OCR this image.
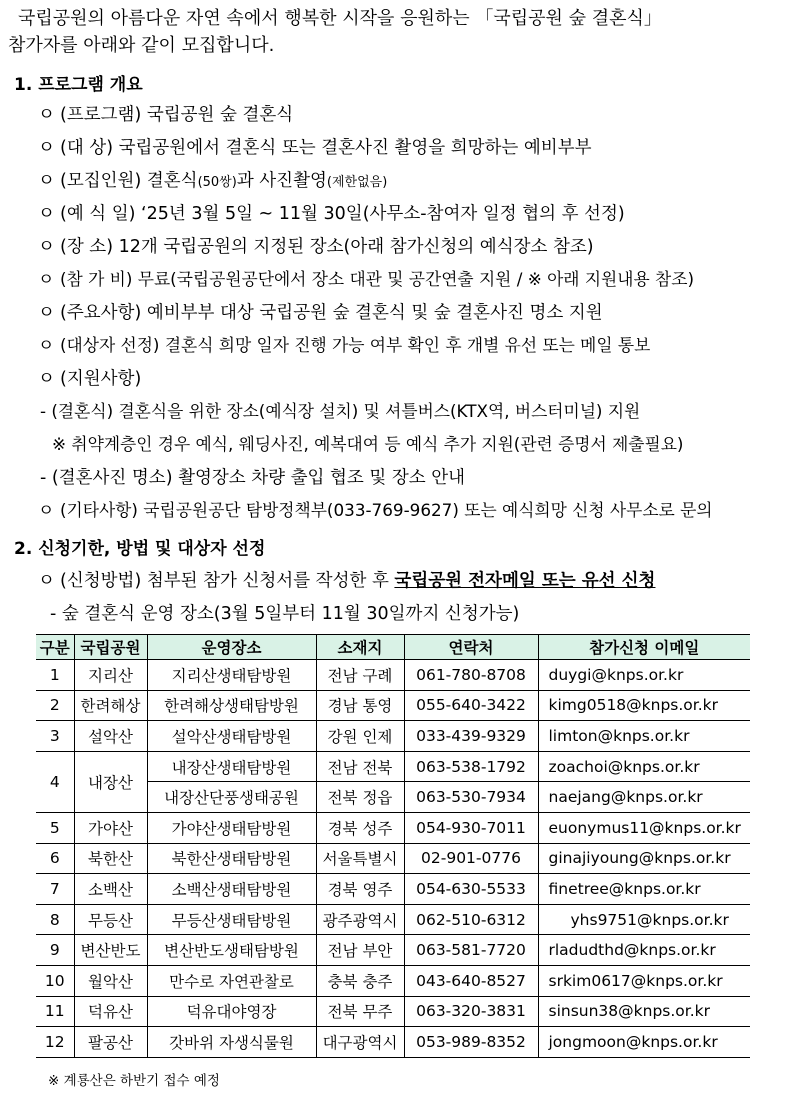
국립공원의 아름다운 자연 속에서 행복한 시작을 응원하는 「국립공원 숲 결혼식」
참가자를 아래와 같이 모집합니다.
1. 프로그램 개요
ㅇ (프로그램) 국립공원 숲 결혼식
ㅇ (대 상) 국립공원에서 결혼식 또는 결혼사진 촬영을 희망하는 예비부부
ㅇ (모집인원) 결혼식(50쌍)과 사진촬영(제한없음)
ㅇ (예 식 일) ‘25년 3월 5일 ~ 11월 30일(사무소-참여자 일정 협의 후 선정)
ㅇ (장 소) 12개 국립공원의 지정된 장소(아래 참가신청의 예식장소 참조)
ㅇ (참 가 비) 무료(국립공원공단에서 장소 대관 및 공간연출 지원 / ※ 아래 지원내용 참조)
ㅇ (주요사항) 예비부부 대상 국립공원 숲 결혼식 및 숲 결혼사진 명소 지원
ㅇ (대상자 선정) 결혼식 희망 일자 진행 가능 여부 확인 후 개별 유선 또는 메일 통보
ㅇ (지원사항)
- (결혼식) 결혼식을 위한 장소(예식장 설치) 및 셔틀버스(KTX역, 버스터미널) 지원
※ 취약계층인 경우 예식, 웨딩사진, 예복대여 등 예식 추가 지원(관련 증명서 제출필요)
- (결혼사진 명소) 촬영장소 차량 출입 협조 및 장소 안내
ㅇ (기타사항) 국립공원공단 탐방정책부(033-769-9627) 또는 예식희망 신청 사무소로 문의
2. 신청기한, 방법 및 대상자 선정
ㅇ (신청방법) 첨부된 참가 신청서를 작성한 후 국립공원 전자메일 또는 유선 신청
- 숲 결혼식 운영 장소(3월 5일부터 11월 30일까지 신청가능)
구분	국립공원	운영장소	소재지	연락처	참가신청 이메일
1	지리산	지리산생태탐방원	전남 구례	061-780-8708	duygi@knps.or.kr
2	한려해상	한려해상생태탐방원	경남 통영	055-640-3422	kimg0518@knps.or.kr
3	설악산	설악산생태탐방원	강원 인제	033-439-9329	limton@knps.or.kr
4	내장산	내장산생태탐방원	전남 전북	063-538-1792	zoachoi@knps.or.kr
		내장산단풍생태공원	전북 정읍	063-530-7934	naejang@knps.or.kr
5	가야산	가야산생태탐방원	경북 성주	054-930-7011	euonymus11@knps.or.kr
6	북한산	북한산생태탐방원	서울특별시	02-901-0776	ginajiyoung@knps.or.kr
7	소백산	소백산생태탐방원	경북 영주	054-630-5533	finetree@knps.or.kr
8	무등산	무등산생태탐방원	광주광역시	062-510-6312	yhs9751@knps.or.kr
9	변산반도	변산반도생태탐방원	전남 부안	063-581-7720	rladudthd@knps.or.kr
10	월악산	만수로 자연관찰로	충북 충주	043-640-8527	srkim0617@knps.or.kr
11	덕유산	덕유대야영장	전북 무주	063-320-3831	sinsun38@knps.or.kr
12	팔공산	갓바위 자생식물원	대구광역시	053-989-8352	jongmoon@knps.or.kr
※ 계룡산은 하반기 접수 예정
